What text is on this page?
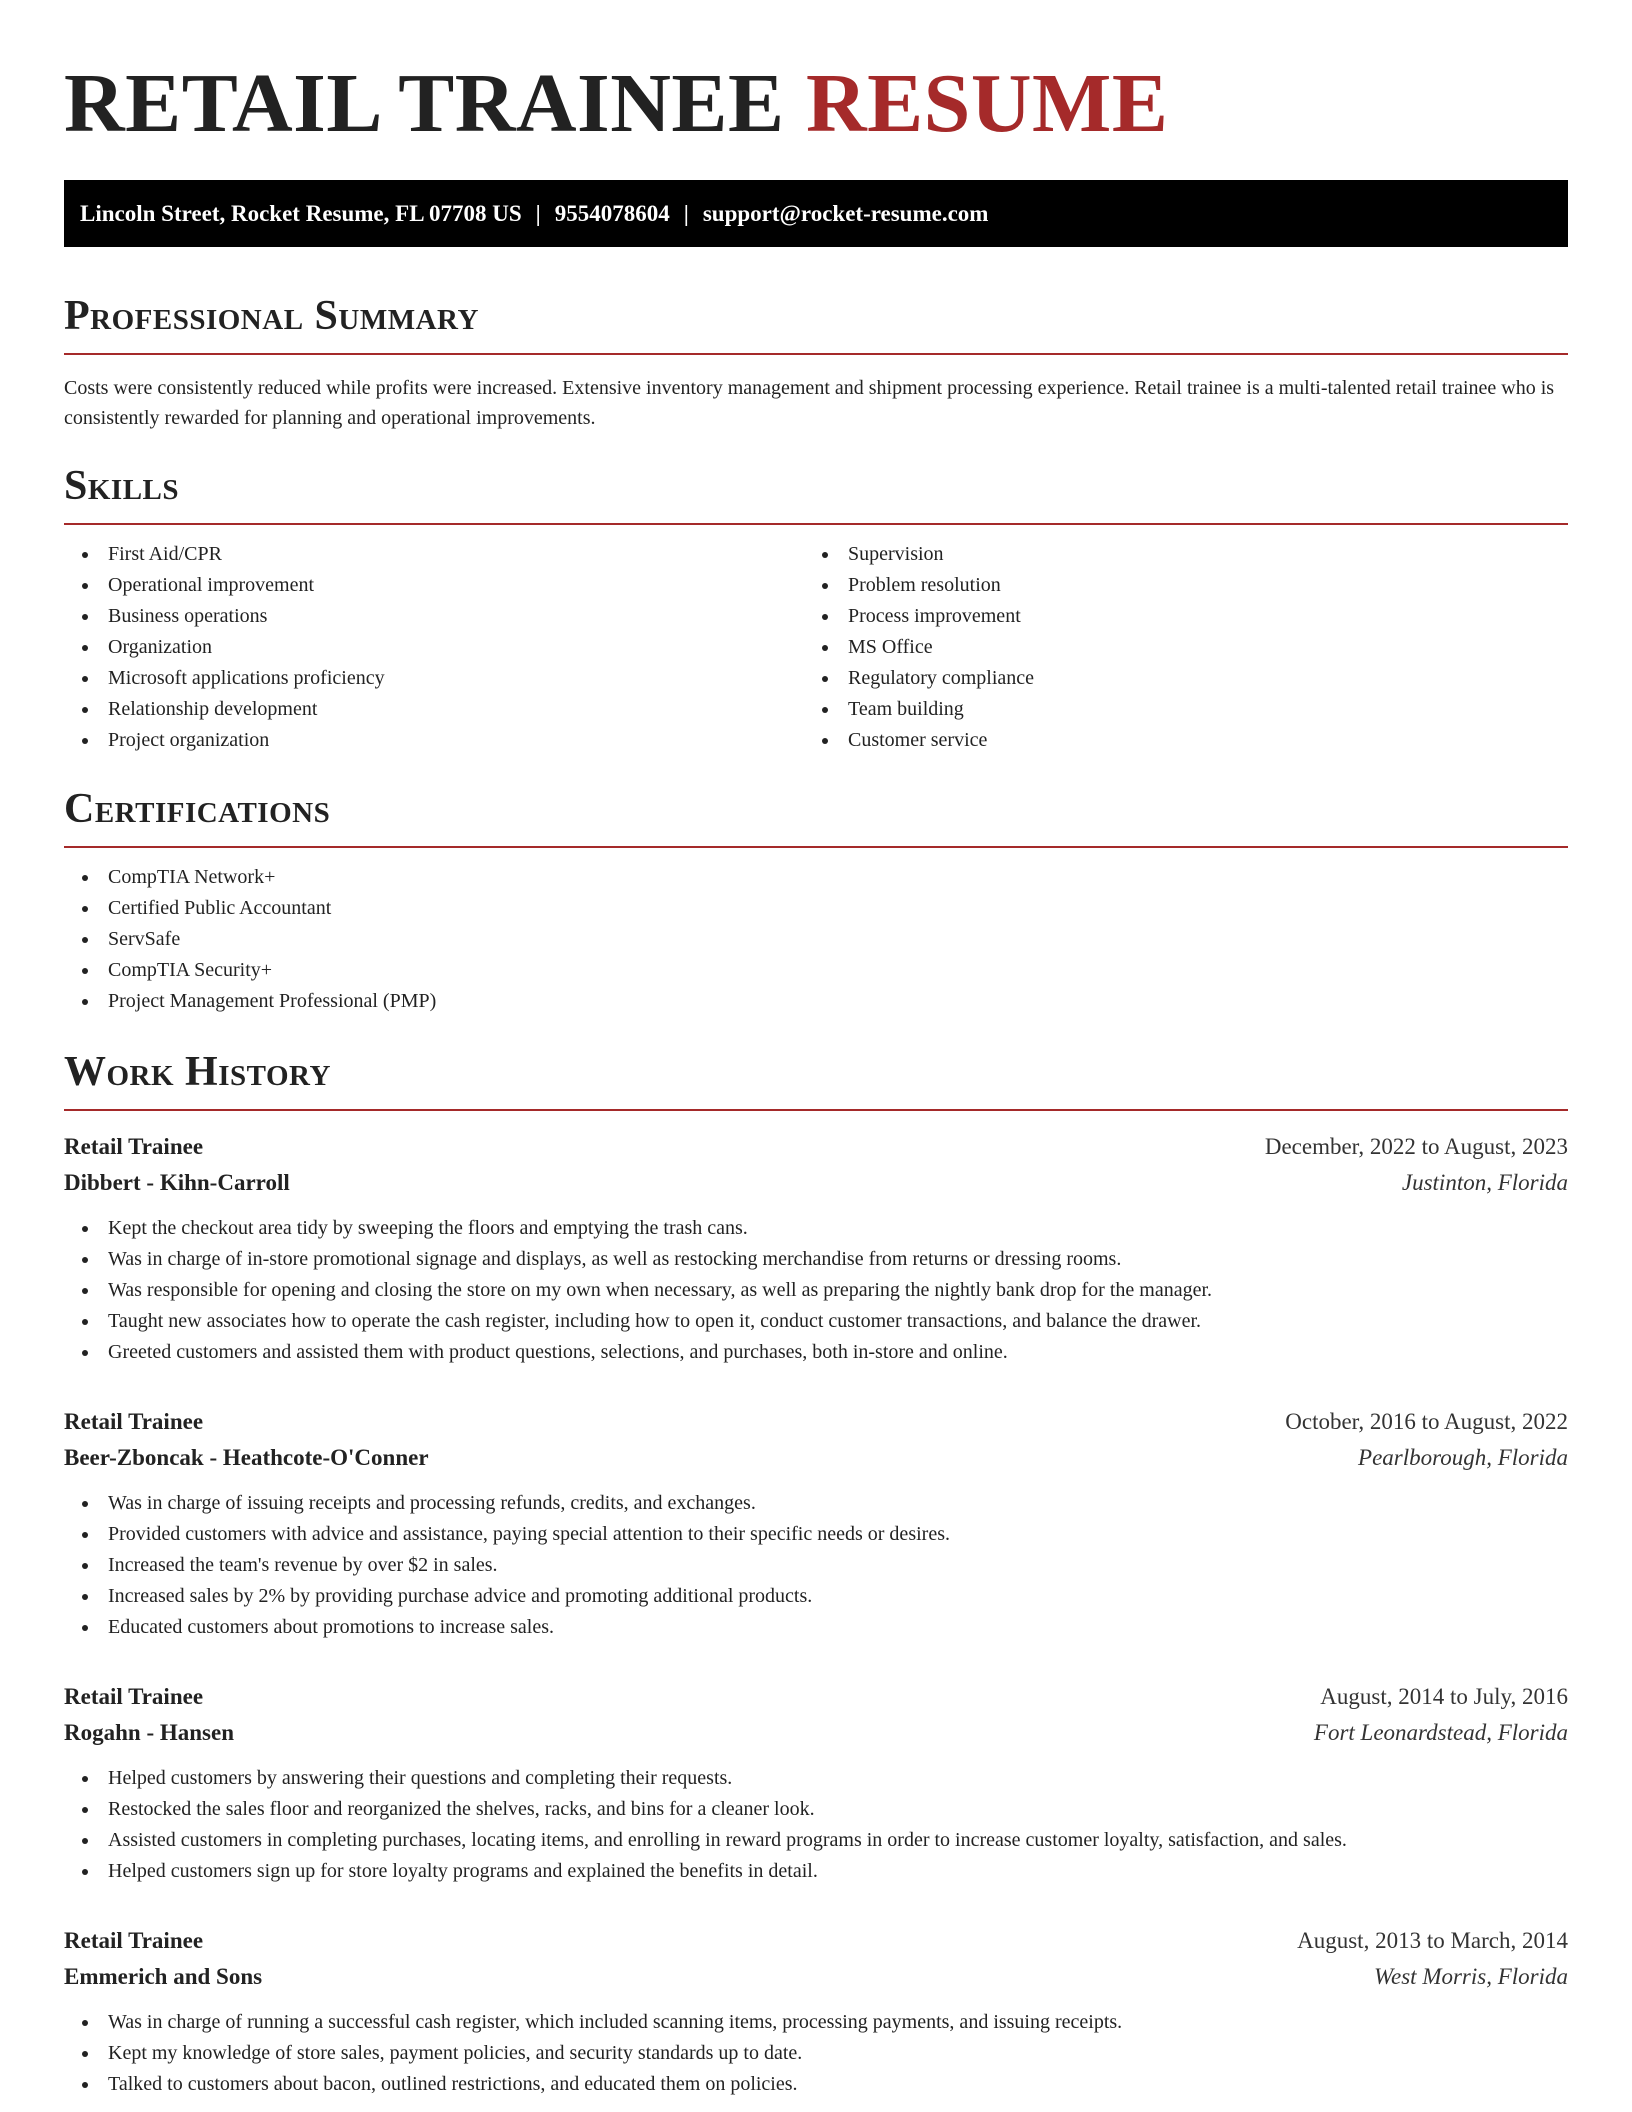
RETAIL TRAINEE RESUME
Lincoln Street, Rocket Resume, FL 07708 US | 9554078604 | support@rocket-resume.com
Professional Summary

Costs were consistently reduced while profits were increased. Extensive inventory management and shipment processing experience. Retail trainee is a multi-talented retail trainee who is consistently rewarded for planning and operational improvements.

Skills
First Aid/CPR
Operational improvement
Business operations
Organization
Microsoft applications proficiency
Relationship development
Project organization
Supervision
Problem resolution
Process improvement
MS Office
Regulatory compliance
Team building
Customer service
Certifications
CompTIA Network+
Certified Public Accountant
ServSafe
CompTIA Security+
Project Management Professional (PMP)
Work History
Retail Trainee	December, 2022 to August, 2023
Dibbert - Kihn-Carroll	Justinton, Florida
Kept the checkout area tidy by sweeping the floors and emptying the trash cans.
Was in charge of in-store promotional signage and displays, as well as restocking merchandise from returns or dressing rooms.
Was responsible for opening and closing the store on my own when necessary, as well as preparing the nightly bank drop for the manager.
Taught new associates how to operate the cash register, including how to open it, conduct customer transactions, and balance the drawer.
Greeted customers and assisted them with product questions, selections, and purchases, both in-store and online.
Retail Trainee	October, 2016 to August, 2022
Beer-Zboncak - Heathcote-O'Conner	Pearlborough, Florida
Was in charge of issuing receipts and processing refunds, credits, and exchanges.
Provided customers with advice and assistance, paying special attention to their specific needs or desires.
Increased the team's revenue by over $2 in sales.
Increased sales by 2% by providing purchase advice and promoting additional products.
Educated customers about promotions to increase sales.
Retail Trainee	August, 2014 to July, 2016
Rogahn - Hansen	Fort Leonardstead, Florida
Helped customers by answering their questions and completing their requests.
Restocked the sales floor and reorganized the shelves, racks, and bins for a cleaner look.
Assisted customers in completing purchases, locating items, and enrolling in reward programs in order to increase customer loyalty, satisfaction, and sales.
Helped customers sign up for store loyalty programs and explained the benefits in detail.
Retail Trainee	August, 2013 to March, 2014
Emmerich and Sons	West Morris, Florida
Was in charge of running a successful cash register, which included scanning items, processing payments, and issuing receipts.
Kept my knowledge of store sales, payment policies, and security standards up to date.
Talked to customers about bacon, outlined restrictions, and educated them on policies.
